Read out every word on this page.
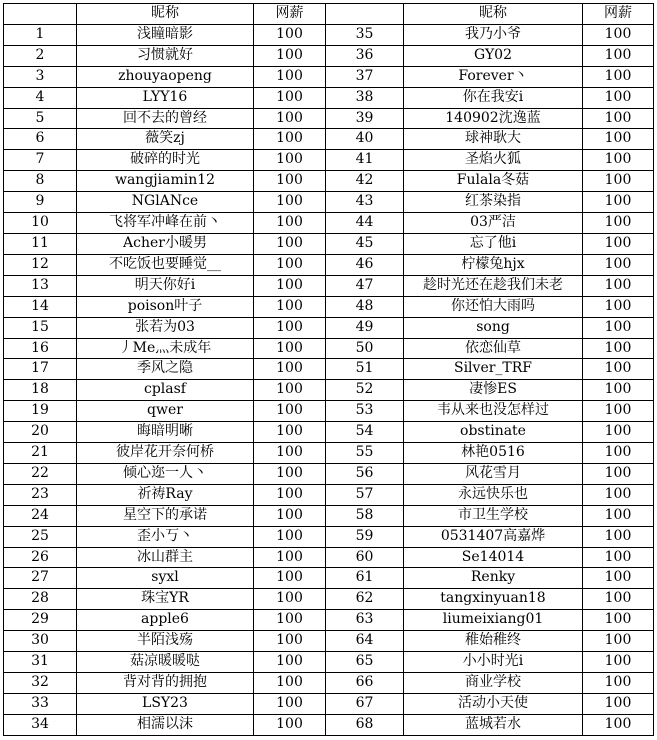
	昵称	网薪		昵称	网薪
1	浅瞳暗影	100	35	我乃小爷	100
2	习惯就好	100	36	GY02	100
3	zhouyaopeng	100	37	Forever丶	100
4	LYY16	100	38	你在我安i	100
5	回不去的曾经	100	39	140902沈逸蓝	100
6	薇笑zj	100	40	球神耿大	100
7	破碎的时光	100	41	圣焰火狐	100
8	wangjiamin12	100	42	Fulala冬菇	100
9	NGlANce	100	43	红茶染指	100
10	飞将军冲峰在前丶	100	44	03严洁	100
11	Acher小暖男	100	45	忘了他i	100
12	不吃饭也要睡觉__	100	46	柠檬兔hjx	100
13	明天你好i	100	47	趁时光还在趁我们未老	100
14	poison叶子	100	48	你还怕大雨吗	100
15	张若为03	100	49	song	100
16	丿Me灬未成年	100	50	依恋仙草	100
17	季风之隐	100	51	Silver_TRF	100
18	cplasf	100	52	凄惨ES	100
19	qwer	100	53	韦从来也没怎样过	100
20	晦暗明晰	100	54	obstinate	100
21	彼岸花开奈何桥	100	55	林艳0516	100
22	倾心迩一人丶	100	56	风花雪月	100
23	祈祷Ray	100	57	永远快乐也	100
24	星空下的承诺	100	58	市卫生学校	100
25	歪小丂丶	100	59	0531407高嘉烨	100
26	冰山群主	100	60	Se14014	100
27	syxl	100	61	Renky	100
28	珠宝YR	100	62	tangxinyuan18	100
29	apple6	100	63	liumeixiang01	100
30	半陌浅殇	100	64	稚始稚终	100
31	菇凉暖暖哒	100	65	小小时光i	100
32	背对背的拥抱	100	66	商业学校	100
33	LSY23	100	67	活动小天使	100
34	相濡以沫	100	68	蓝城若水	100
